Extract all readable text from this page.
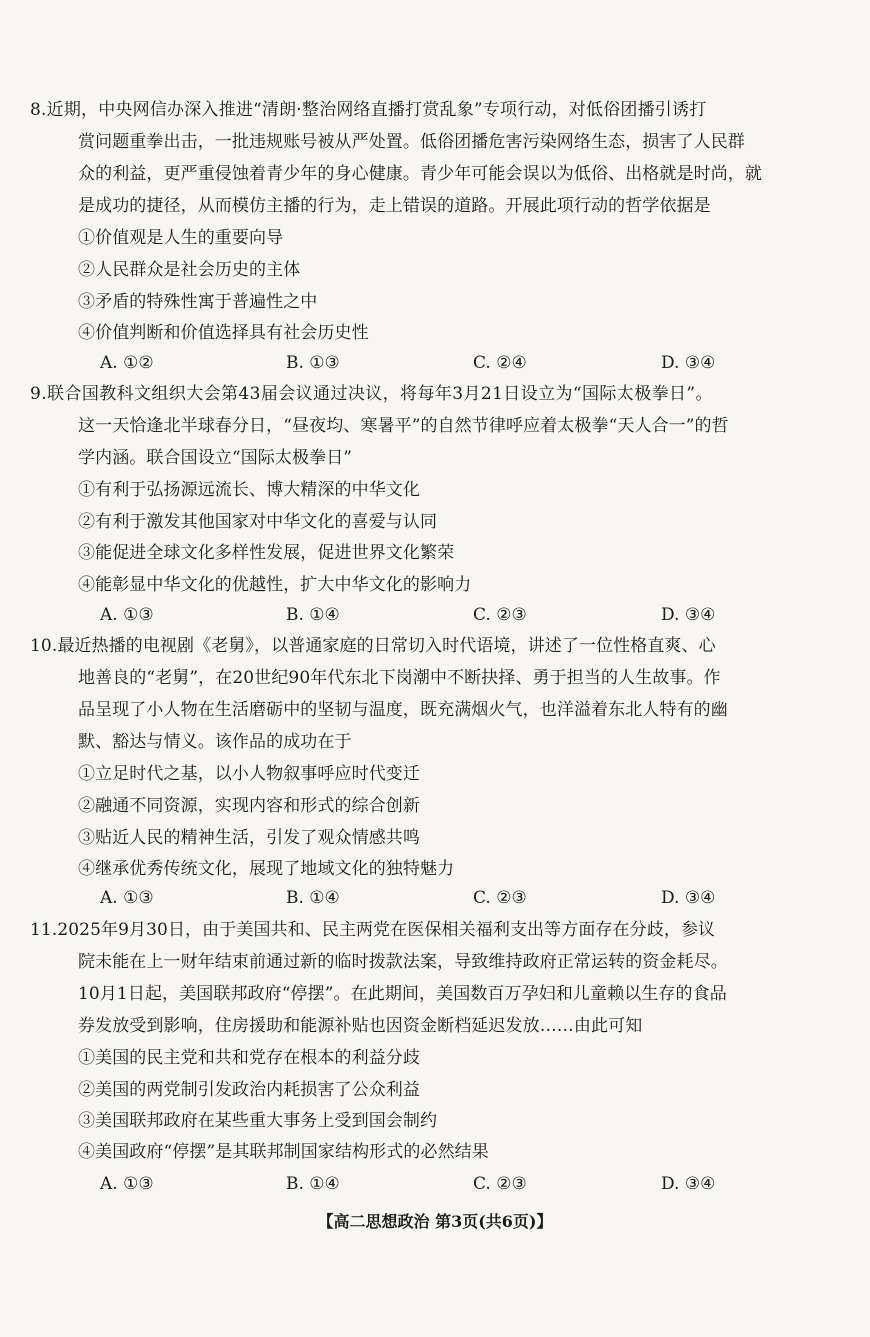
8.近期，中央网信办深入推进“清朗·整治网络直播打赏乱象”专项行动，对低俗团播引诱打
赏问题重拳出击，一批违规账号被从严处置。低俗团播危害污染网络生态，损害了人民群
众的利益，更严重侵蚀着青少年的身心健康。青少年可能会误以为低俗、出格就是时尚，就
是成功的捷径，从而模仿主播的行为，走上错误的道路。开展此项行动的哲学依据是
①价值观是人生的重要向导
②人民群众是社会历史的主体
③矛盾的特殊性寓于普遍性之中
④价值判断和价值选择具有社会历史性
A. ①②	B. ①③	C. ②④	D. ③④
9.联合国教科文组织大会第43届会议通过决议，将每年3月21日设立为“国际太极拳日”。
这一天恰逢北半球春分日，“昼夜均、寒暑平”的自然节律呼应着太极拳“天人合一”的哲
学内涵。联合国设立“国际太极拳日”
①有利于弘扬源远流长、博大精深的中华文化
②有利于激发其他国家对中华文化的喜爱与认同
③能促进全球文化多样性发展，促进世界文化繁荣
④能彰显中华文化的优越性，扩大中华文化的影响力
A. ①③	B. ①④	C. ②③	D. ③④
10.最近热播的电视剧《老舅》，以普通家庭的日常切入时代语境，讲述了一位性格直爽、心
地善良的“老舅”，在20世纪90年代东北下岗潮中不断抉择、勇于担当的人生故事。作
品呈现了小人物在生活磨砺中的坚韧与温度，既充满烟火气，也洋溢着东北人特有的幽
默、豁达与情义。该作品的成功在于
①立足时代之基，以小人物叙事呼应时代变迁
②融通不同资源，实现内容和形式的综合创新
③贴近人民的精神生活，引发了观众情感共鸣
④继承优秀传统文化，展现了地域文化的独特魅力
A. ①③	B. ①④	C. ②③	D. ③④
11.2025年9月30日，由于美国共和、民主两党在医保相关福利支出等方面存在分歧，参议
院未能在上一财年结束前通过新的临时拨款法案，导致维持政府正常运转的资金耗尽。
10月1日起，美国联邦政府“停摆”。在此期间，美国数百万孕妇和儿童赖以生存的食品
券发放受到影响，住房援助和能源补贴也因资金断档延迟发放……由此可知
①美国的民主党和共和党存在根本的利益分歧
②美国的两党制引发政治内耗损害了公众利益
③美国联邦政府在某些重大事务上受到国会制约
④美国政府“停摆”是其联邦制国家结构形式的必然结果
A. ①③	B. ①④	C. ②③	D. ③④
【高二思想政治 第3页(共6页)】
